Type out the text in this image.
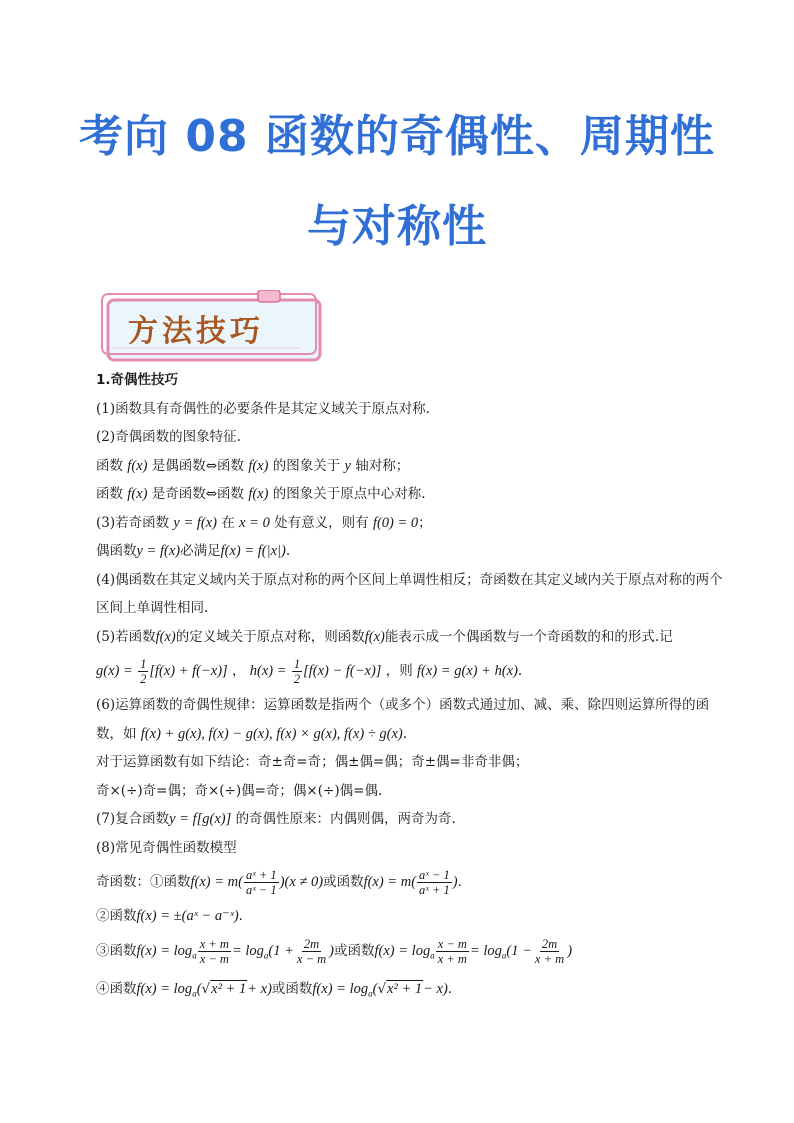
考向 08 函数的奇偶性、周期性
与对称性
方法技巧

1.奇偶性技巧

(1)函数具有奇偶性的必要条件是其定义域关于原点对称.

(2)奇偶函数的图象特征.

函数 f(x) 是偶函数⇔函数 f(x) 的图象关于 y 轴对称；

函数 f(x) 是奇函数⇔函数 f(x) 的图象关于原点中心对称.

(3)若奇函数 y = f(x) 在 x = 0 处有意义，则有 f(0) = 0；

偶函数y = f(x)必满足f(x) = f(|x|).

(4)偶函数在其定义域内关于原点对称的两个区间上单调性相反；奇函数在其定义域内关于原点对称的两个区间上单调性相同.

(5)若函数f(x)的定义域关于原点对称，则函数f(x)能表示成一个偶函数与一个奇函数的和的形式.记

$g(x) = \frac{1}{2} [f(x) + f(-x)]$ ， $h(x) = \frac{1}{2} [f(x) - f(-x)]$ ，则 f(x) = g(x) + h(x).

(6)运算函数的奇偶性规律：运算函数是指两个（或多个）函数式通过加、减、乘、除四则运算所得的函数，如 f(x) + g(x), f(x) − g(x), f(x) × g(x), f(x) ÷ g(x).

对于运算函数有如下结论：奇±奇=奇；偶±偶=偶；奇±偶=非奇非偶；

奇×(÷)奇=偶；奇×(÷)偶=奇；偶×(÷)偶=偶.

(7)复合函数y = f[g(x)] 的奇偶性原来：内偶则偶，两奇为奇.

(8)常见奇偶性函数模型

奇函数：①函数$f(x) = m( \frac{\text{aˣ + 1}}{\text{aˣ − 1}} )(x \ne 0)$或函数$f(x) = m( \frac{\text{aˣ − 1}}{\text{aˣ + 1}}$ )．

②函数f(x) = ±(aˣ − a⁻ˣ)．

③函数$f(x) = \log_a \frac{x + m}{x - m} = \log_a(1 + \frac{2m}{x - m}$ )或函数$f(x) = \log_a \frac{x - m}{x + m} = \log_a(1 - \frac{2m}{x + m}$ )

④函数$f(x) = \log_a(√x^2 + 1+ x)$或函数$f(x) = \log_a(√x^2 + 1- x)$．
